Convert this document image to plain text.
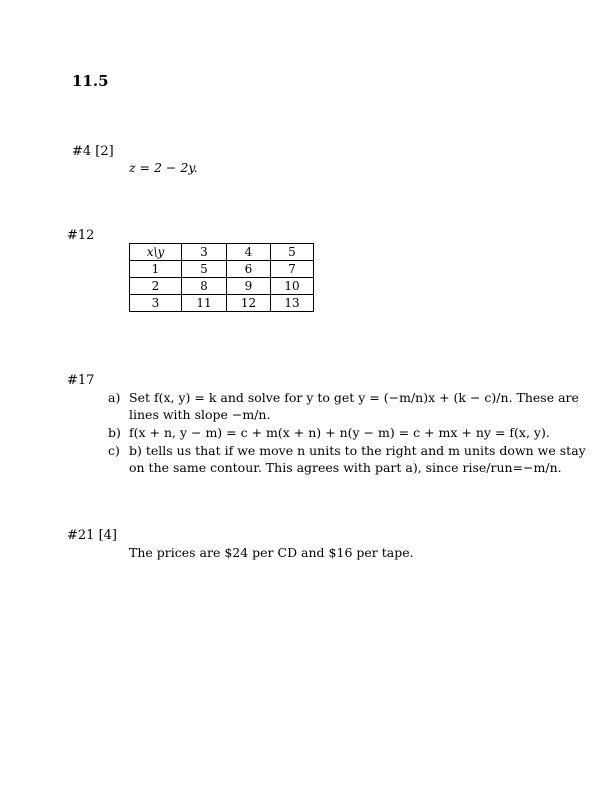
11.5
#4 [2]
z = 2 − 2y.
#12
x\y	3	4	5
1	5	6	7
2	8	9	10
3	11	12	13
#17
a) Set f(x, y) = k and solve for y to get y = (−m/n)x + (k − c)/n. These are
lines with slope −m/n.
b) f(x + n, y − m) = c + m(x + n) + n(y − m) = c + mx + ny = f(x, y).
c) b) tells us that if we move n units to the right and m units down we stay
on the same contour. This agrees with part a), since rise/run=−m/n.
#21 [4]
The prices are $24 per CD and $16 per tape.
